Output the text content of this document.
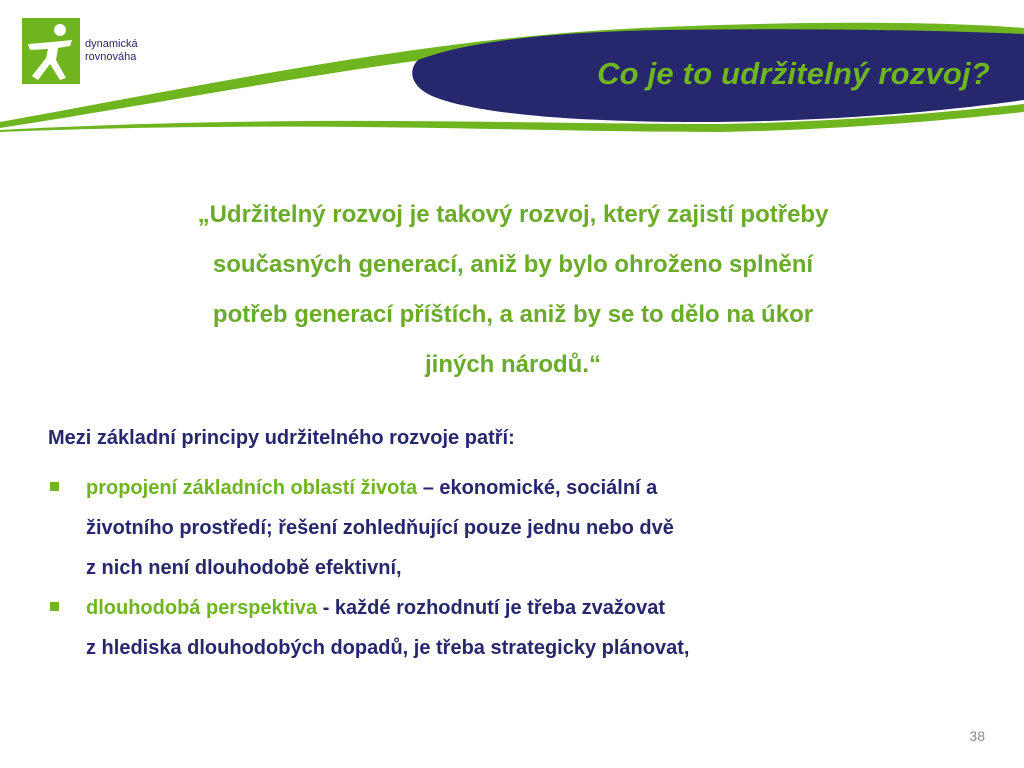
dynamická
rovnováha	Co je to udržitelný rozvoj?
„Udržitelný rozvoj je takový rozvoj, který zajistí potřeby
současných generací, aniž by bylo ohroženo splnění
potřeb generací příštích, a aniž by se to dělo na úkor
jiných národů.“
Mezi základní principy udržitelného rozvoje patří:
propojení základních oblastí života – ekonomické, sociální a
životního prostředí; řešení zohledňující pouze jednu nebo dvě
z nich není dlouhodobě efektivní,
dlouhodobá perspektiva - každé rozhodnutí je třeba zvažovat
z hlediska dlouhodobých dopadů, je třeba strategicky plánovat,
38
